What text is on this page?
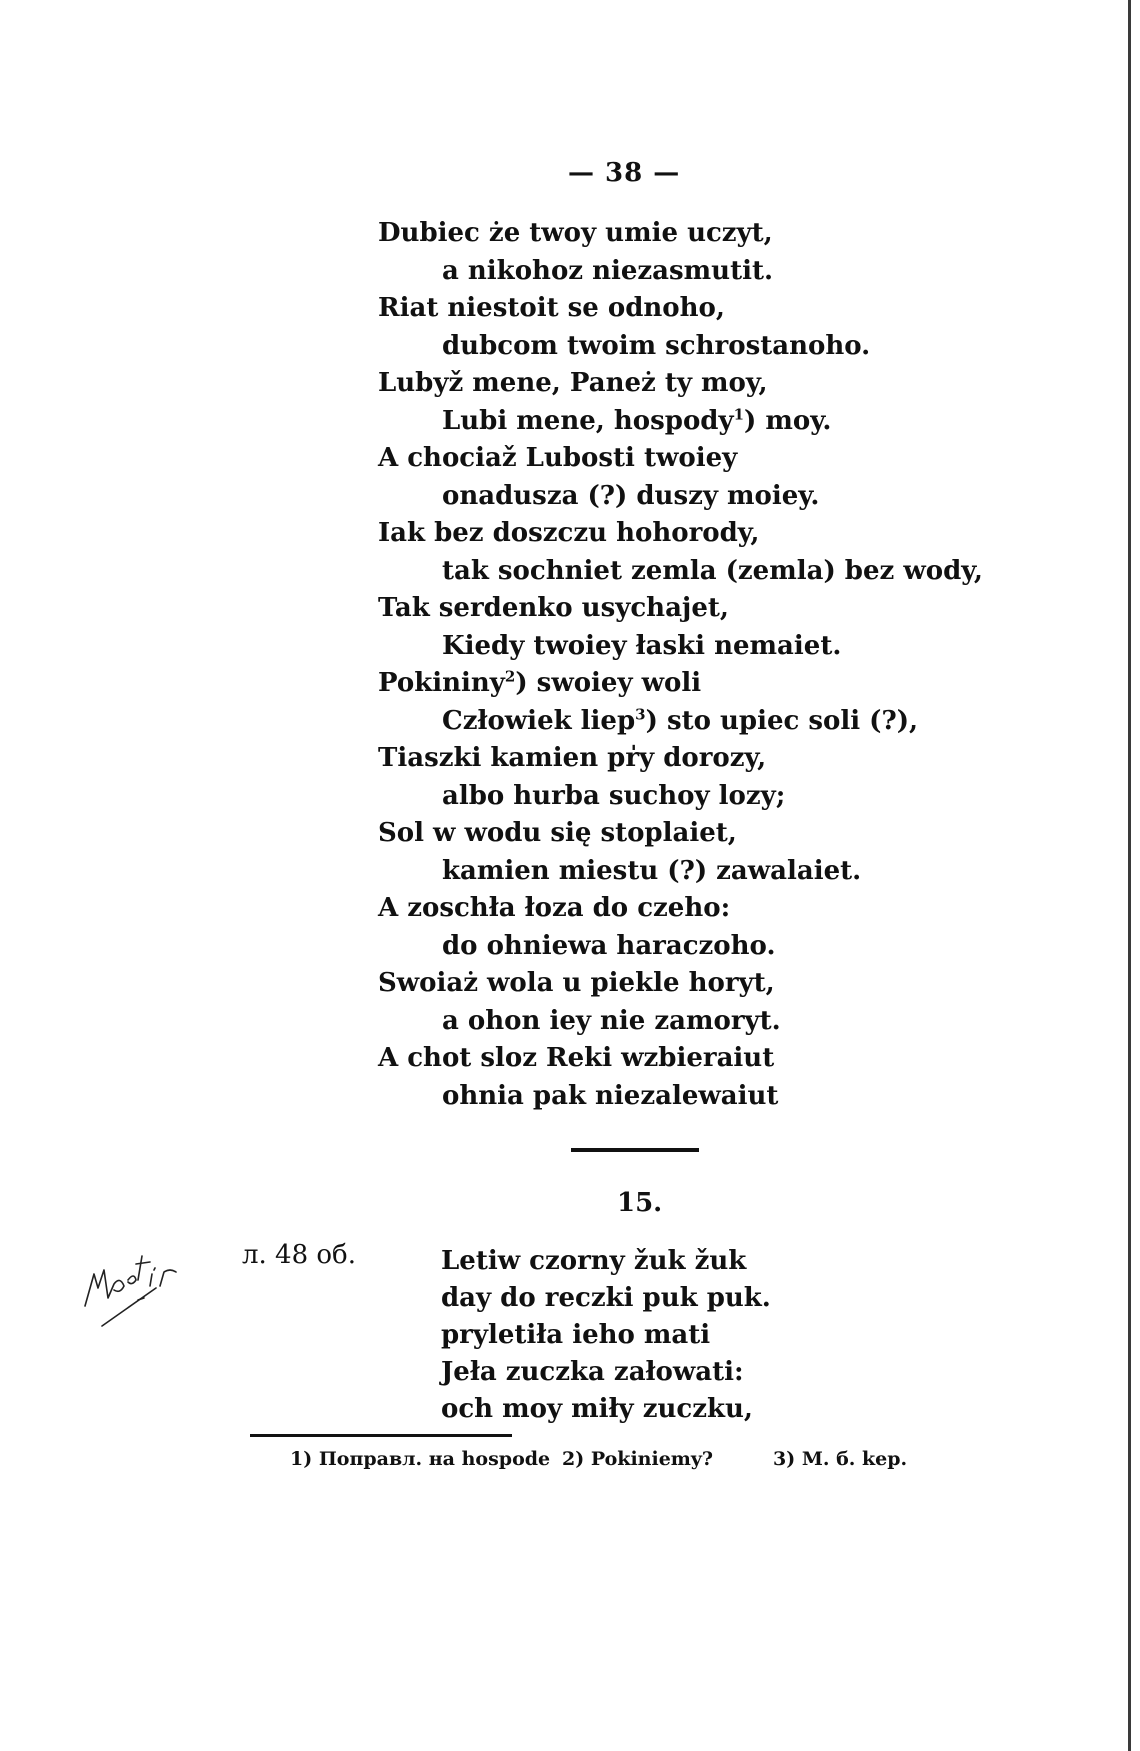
— 38 —
Dubiec że twoy umie uczyt,
a nikohoz niezasmutit.
Riat niestoit se odnoho,
dubcom twoim schrostanoho.
Lubyž mene, Paneż ty moy,
Lubi mene, hospody$^1$) moy.
A chociaž Lubosti twoiey
onadusza (?) duszy moiey.
Iak bez doszczu hohorody,
tak sochniet zemla (zemla) bez wody,
Tak serdenko usychajet,
Kiedy twoiey łaski nemaiet.
Pokininy$^2$) swoiey woli
Człowiek liep$^3$) sto upiec soli (?),
Tiaszki kamien pr̍y dorozy,
albo hurba suchoy lozy;
Sol w wodu się stoplaiet,
kamien miestu (?) zawalaiet.
A zoschła łoza do czeho:
do ohniewa haraczoho.
Swoiaż wola u piekle horyt,
a ohon iey nie zamoryt.
A chot sloz Reki wzbieraiut
ohnia pak niezalewaiut
15.
л. 48 об.	Letiw czorny žuk žuk
day do reczki puk puk.
pryletiła ieho mati
Jeła zuczka załowati:
och moy miły zuczku,
1) Поправл. на hospode 2) Pokiniemy?	3) M. б. kep.
